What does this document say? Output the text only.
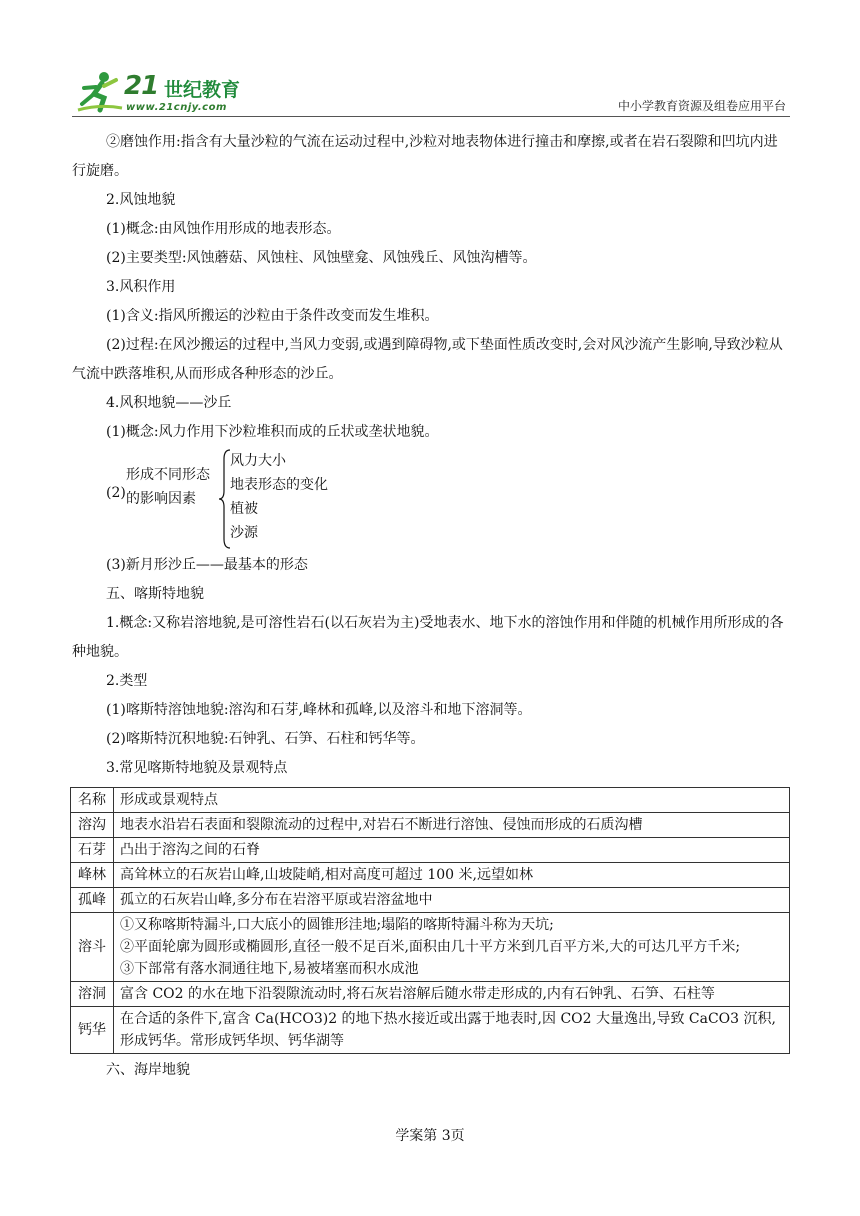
21 世纪教育
www.21cnjy.com	中小学教育资源及组卷应用平台

②磨蚀作用:指含有大量沙粒的气流在运动过程中,沙粒对地表物体进行撞击和摩擦,或者在岩石裂隙和凹坑内进行旋磨。

2.风蚀地貌

(1)概念:由风蚀作用形成的地表形态。

(2)主要类型:风蚀蘑菇、风蚀柱、风蚀壁龛、风蚀残丘、风蚀沟槽等。

3.风积作用

(1)含义:指风所搬运的沙粒由于条件改变而发生堆积。

(2)过程:在风沙搬运的过程中,当风力变弱,或遇到障碍物,或下垫面性质改变时,会对风沙流产生影响,导致沙粒从气流中跌落堆积,从而形成各种形态的沙丘。

4.风积地貌——沙丘

(1)概念:风力作用下沙粒堆积而成的丘状或垄状地貌。

(2)
形成不同形态
的影响因素
风力大小
地表形态的变化
植被
沙源

(3)新月形沙丘——最基本的形态

五、喀斯特地貌

1.概念:又称岩溶地貌,是可溶性岩石(以石灰岩为主)受地表水、地下水的溶蚀作用和伴随的机械作用所形成的各种地貌。

2.类型

(1)喀斯特溶蚀地貌:溶沟和石芽,峰林和孤峰,以及溶斗和地下溶洞等。

(2)喀斯特沉积地貌:石钟乳、石笋、石柱和钙华等。

3.常见喀斯特地貌及景观特点

名称	形成或景观特点
溶沟	地表水沿岩石表面和裂隙流动的过程中,对岩石不断进行溶蚀、侵蚀而形成的石质沟槽
石芽	凸出于溶沟之间的石脊
峰林	高耸林立的石灰岩山峰,山坡陡峭,相对高度可超过 100 米,远望如林
孤峰	孤立的石灰岩山峰,多分布在岩溶平原或岩溶盆地中
溶斗	①又称喀斯特漏斗,口大底小的圆锥形洼地;塌陷的喀斯特漏斗称为天坑;
②平面轮廓为圆形或椭圆形,直径一般不足百米,面积由几十平方米到几百平方米,大的可达几平方千米;
③下部常有落水洞通往地下,易被堵塞而积水成池
溶洞	富含 CO2 的水在地下沿裂隙流动时,将石灰岩溶解后随水带走形成的,内有石钟乳、石笋、石柱等
钙华	在合适的条件下,富含 Ca(HCO3)2 的地下热水接近或出露于地表时,因 CO2 大量逸出,导致 CaCO3 沉积,形成钙华。常形成钙华坝、钙华湖等

六、海岸地貌

学案第 3页
